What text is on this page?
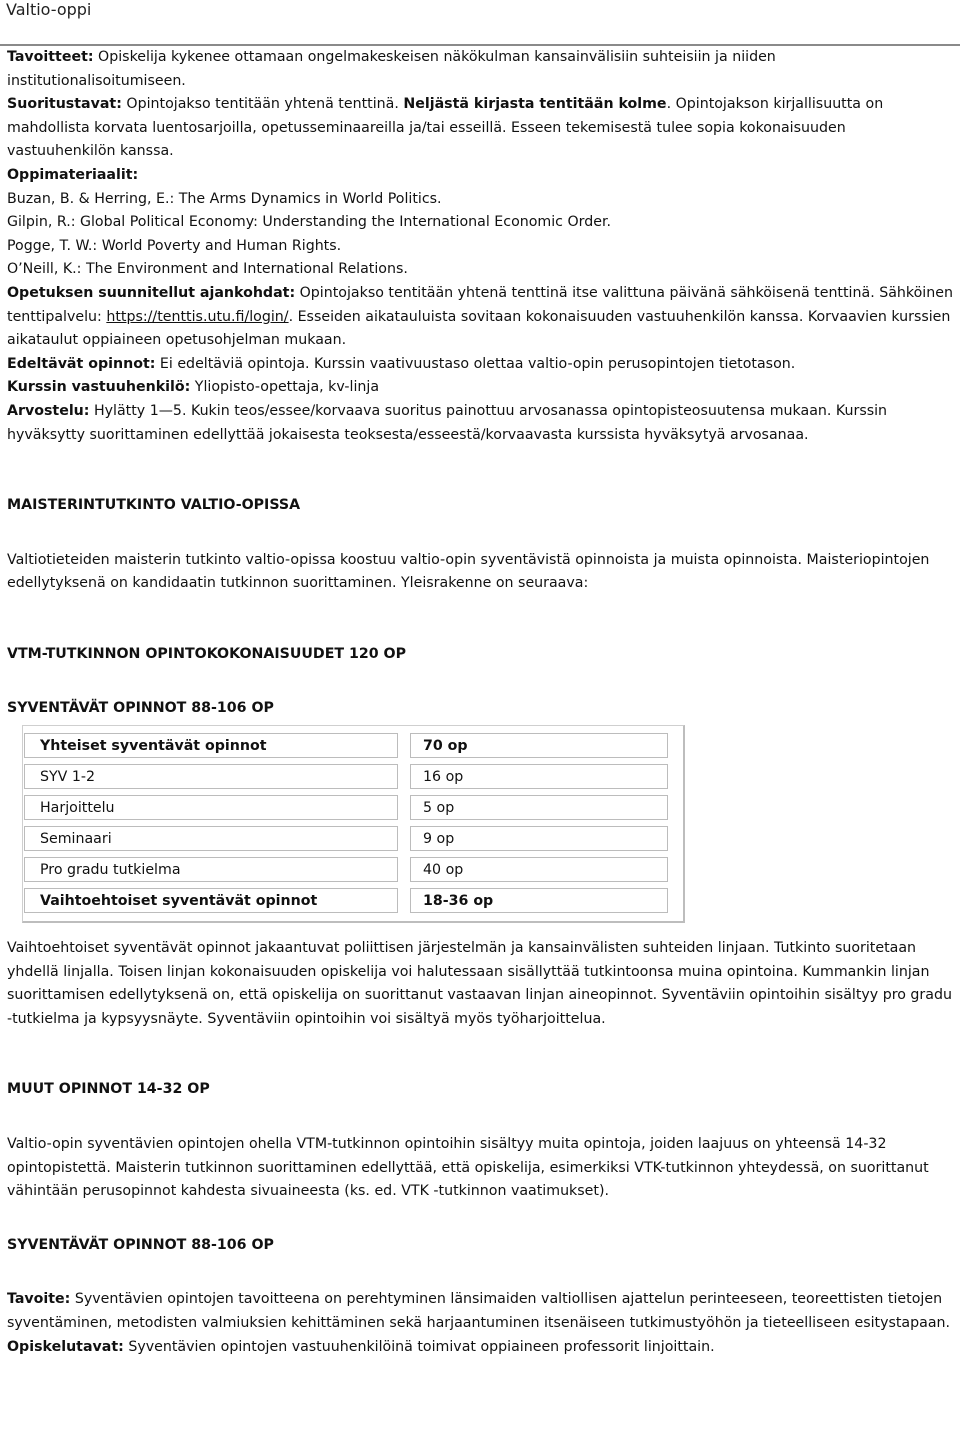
Valtio-oppi

Tavoitteet: Opiskelija kykenee ottamaan ongelmakeskeisen näkökulman kansainvälisiin suhteisiin ja niiden institutionalisoitumiseen.

Suoritustavat: Opintojakso tentitään yhtenä tenttinä. Neljästä kirjasta tentitään kolme. Opintojakson kirjallisuutta on mahdollista korvata luentosarjoilla, opetusseminaareilla ja/tai esseillä. Esseen tekemisestä tulee sopia kokonaisuuden vastuuhenkilön kanssa.

Oppimateriaalit:

Buzan, B. & Herring, E.: The Arms Dynamics in World Politics.

Gilpin, R.: Global Political Economy: Understanding the International Economic Order.

Pogge, T. W.: World Poverty and Human Rights.

O’Neill, K.: The Environment and International Relations.

Opetuksen suunnitellut ajankohdat: Opintojakso tentitään yhtenä tenttinä itse valittuna päivänä sähköisenä tenttinä. Sähköinen tenttipalvelu: https://tenttis.utu.fi/login/. Esseiden aikatauluista sovitaan kokonaisuuden vastuuhenkilön kanssa. Korvaavien kurssien aikataulut oppiaineen opetusohjelman mukaan.

Edeltävät opinnot: Ei edeltäviä opintoja. Kurssin vaativuustaso olettaa valtio-opin perusopintojen tietotason.

Kurssin vastuuhenkilö: Yliopisto-opettaja, kv-linja

Arvostelu: Hylätty 1—5. Kukin teos/essee/korvaava suoritus painottuu arvosanassa opintopisteosuutensa mukaan. Kurssin hyväksytty suorittaminen edellyttää jokaisesta teoksesta/esseestä/korvaavasta kurssista hyväksytyä arvosanaa.

MAISTERINTUTKINTO VALTIO-OPISSA

Valtiotieteiden maisterin tutkinto valtio-opissa koostuu valtio-opin syventävistä opinnoista ja muista opinnoista. Maisteriopintojen edellytyksenä on kandidaatin tutkinnon suorittaminen. Yleisrakenne on seuraava:

VTM-TUTKINNON OPINTOKOKONAISUUDET 120 OP

SYVENTÄVÄT OPINNOT 88-106 OP

Yhteiset syventävät opinnot	70 op

SYV 1-2	16 op

Harjoittelu	5 op

Seminaari	9 op

Pro gradu tutkielma	40 op

Vaihtoehtoiset syventävät opinnot	18-36 op

Vaihtoehtoiset syventävät opinnot jakaantuvat poliittisen järjestelmän ja kansainvälisten suhteiden linjaan. Tutkinto suoritetaan yhdellä linjalla. Toisen linjan kokonaisuuden opiskelija voi halutessaan sisällyttää tutkintoonsa muina opintoina. Kummankin linjan suorittamisen edellytyksenä on, että opiskelija on suorittanut vastaavan linjan aineopinnot. Syventäviin opintoihin sisältyy pro gradu -tutkielma ja kypsyysnäyte. Syventäviin opintoihin voi sisältyä myös työharjoittelua.

MUUT OPINNOT 14-32 OP

Valtio-opin syventävien opintojen ohella VTM-tutkinnon opintoihin sisältyy muita opintoja, joiden laajuus on yhteensä 14-32 opintopistettä. Maisterin tutkinnon suorittaminen edellyttää, että opiskelija, esimerkiksi VTK-tutkinnon yhteydessä, on suorittanut vähintään perusopinnot kahdesta sivuaineesta (ks. ed. VTK -tutkinnon vaatimukset).

SYVENTÄVÄT OPINNOT 88-106 OP

Tavoite: Syventävien opintojen tavoitteena on perehtyminen länsimaiden valtiollisen ajattelun perinteeseen, teoreettisten tietojen syventäminen, metodisten valmiuksien kehittäminen sekä harjaantuminen itsenäiseen tutkimustyöhön ja tieteelliseen esitystapaan.

Opiskelutavat: Syventävien opintojen vastuuhenkilöinä toimivat oppiaineen professorit linjoittain.
